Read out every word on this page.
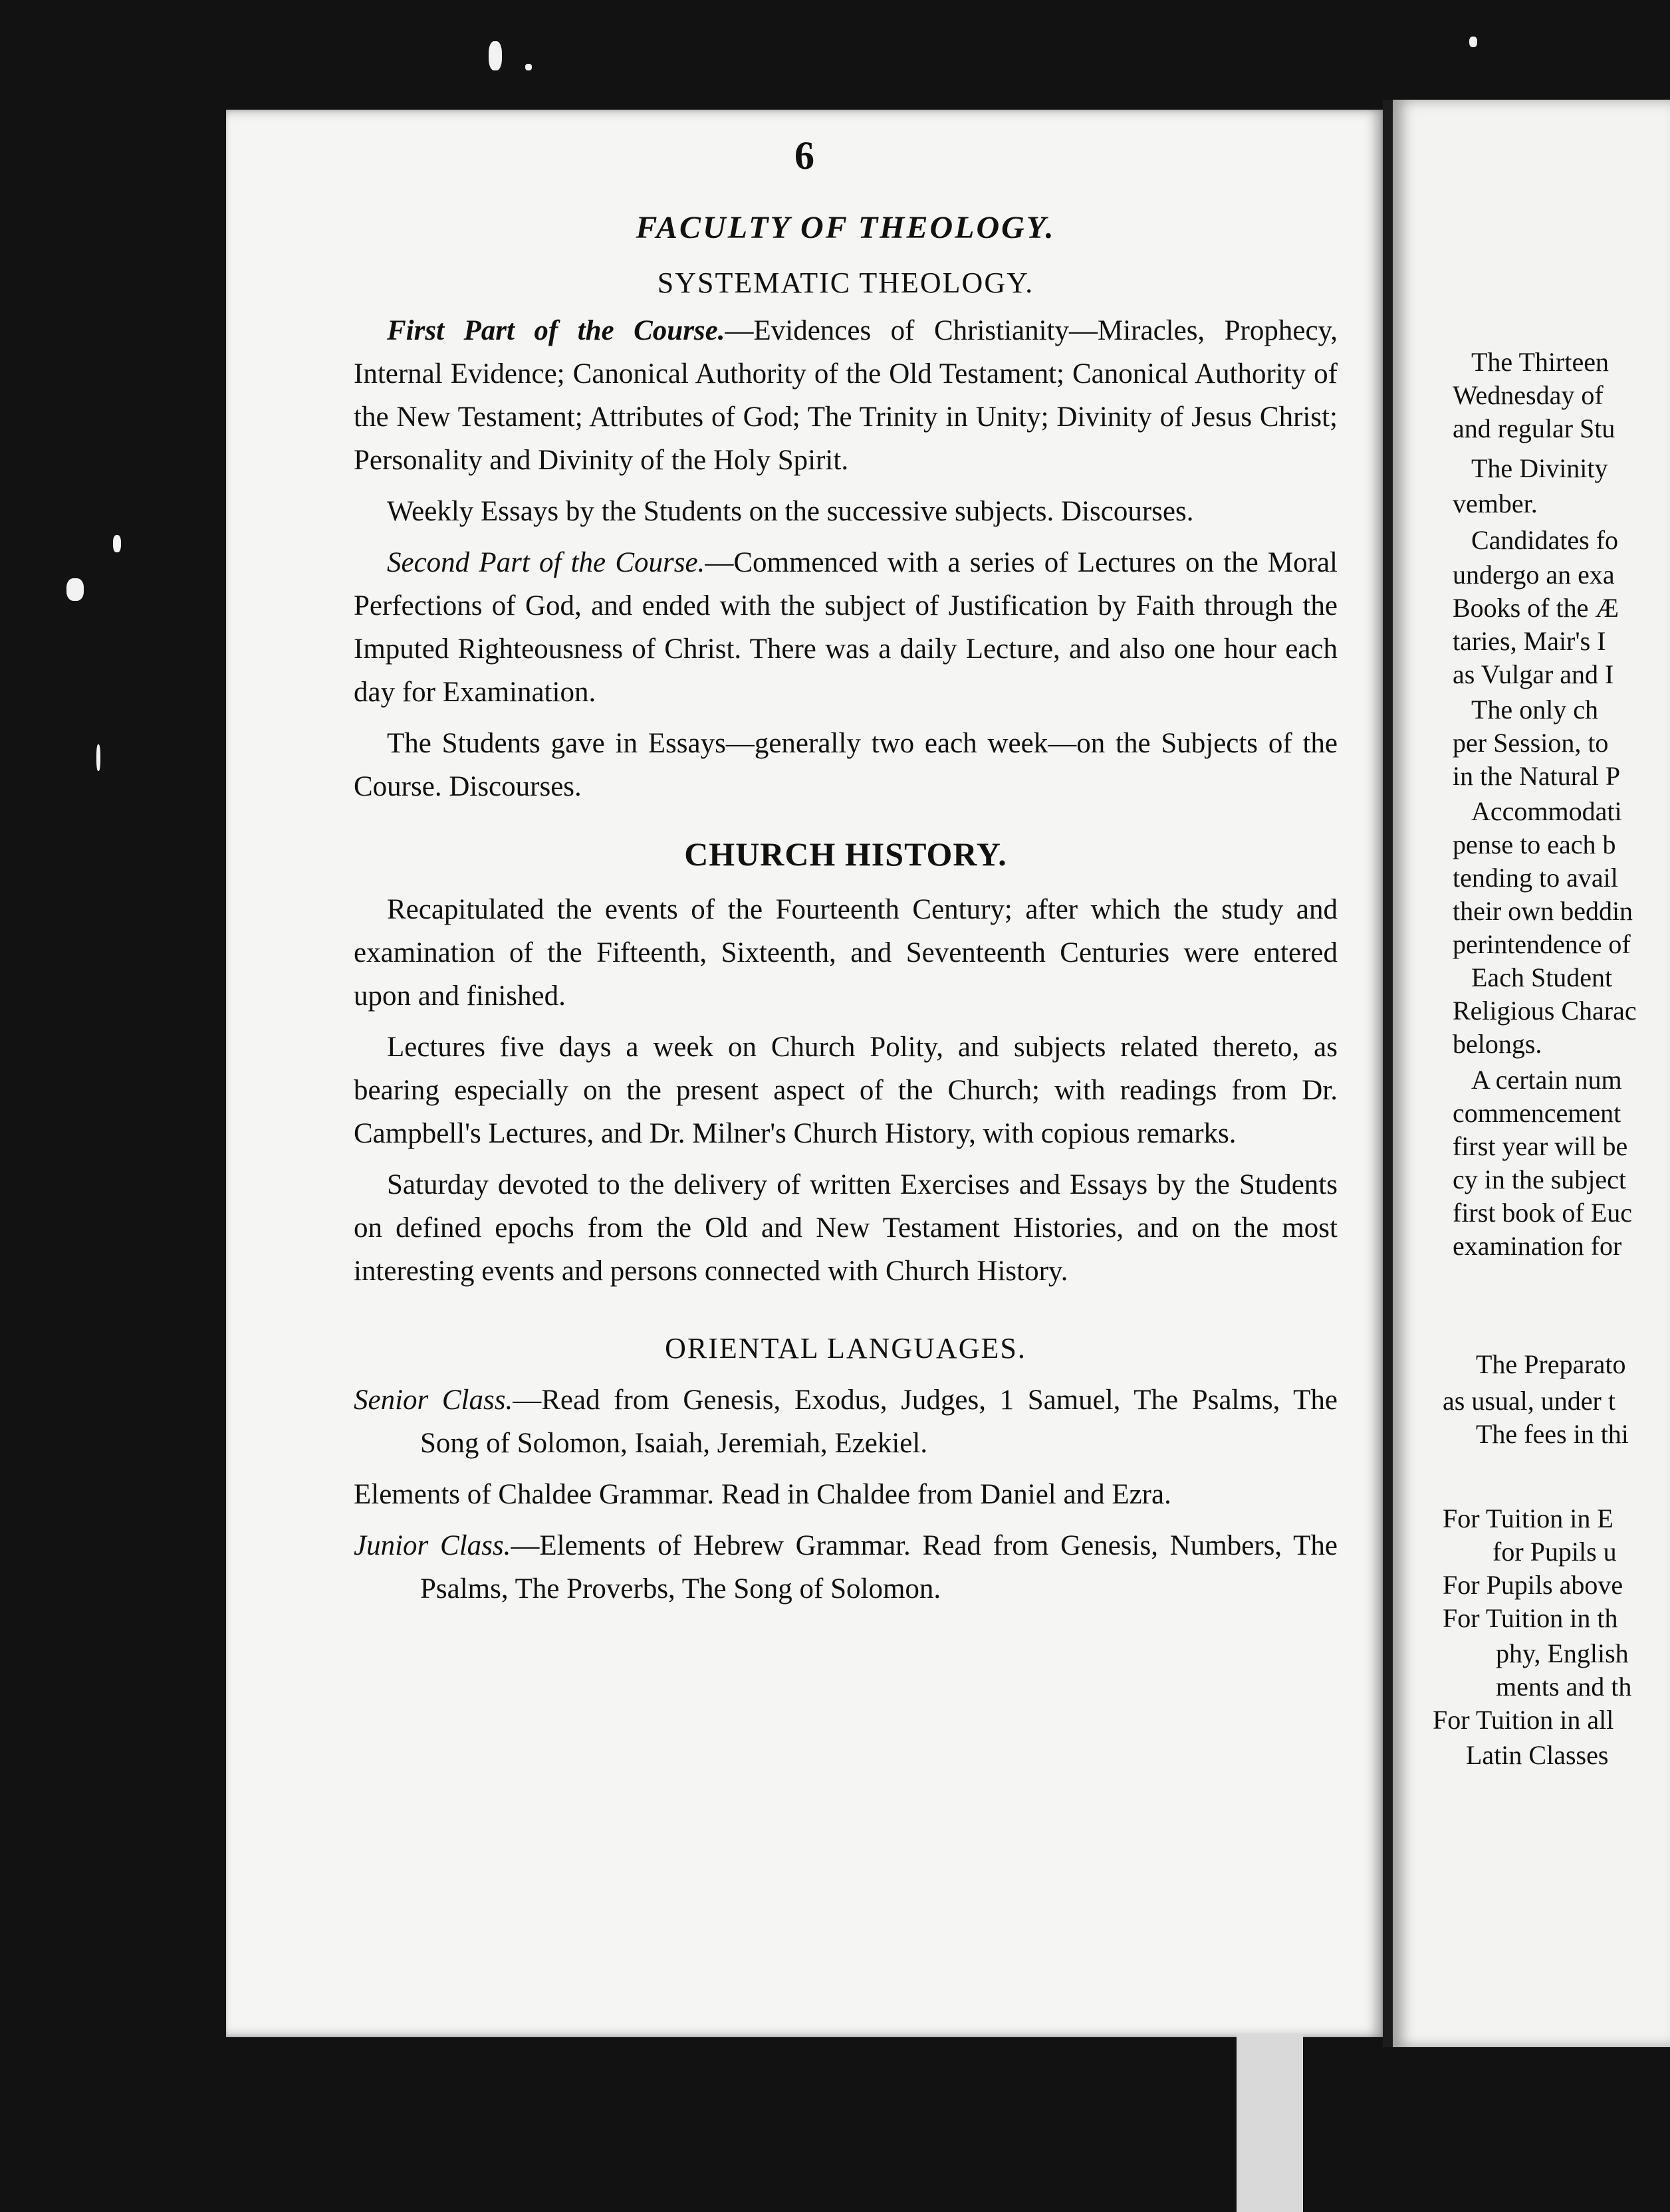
6
FACULTY OF THEOLOGY.
SYSTEMATIC THEOLOGY.

First Part of the Course.—Evidences of Christianity—Miracles, Prophecy, Internal Evidence; Canonical Authority of the Old Testament; Canonical Authority of the New Testament; Attributes of God; The Trinity in Unity; Divinity of Jesus Christ; Personality and Divinity of the Holy Spirit.

Weekly Essays by the Students on the successive subjects. Discourses.

Second Part of the Course.—Commenced with a series of Lectures on the Moral Perfections of God, and ended with the subject of Justification by Faith through the Imputed Righteousness of Christ. There was a daily Lecture, and also one hour each day for Examination.

The Students gave in Essays—generally two each week—on the Subjects of the Course. Discourses.

CHURCH HISTORY.

Recapitulated the events of the Fourteenth Century; after which the study and examination of the Fifteenth, Sixteenth, and Seventeenth Centuries were entered upon and finished.

Lectures five days a week on Church Polity, and subjects related thereto, as bearing especially on the present aspect of the Church; with readings from Dr. Campbell's Lectures, and Dr. Milner's Church History, with copious remarks.

Saturday devoted to the delivery of written Exercises and Essays by the Students on defined epochs from the Old and New Testament Histories, and on the most interesting events and persons connected with Church History.

ORIENTAL LANGUAGES.

Senior Class.—Read from Genesis, Exodus, Judges, 1 Samuel, The Psalms, The Song of Solomon, Isaiah, Jeremiah, Ezekiel.

Elements of Chaldee Grammar. Read in Chaldee from Daniel and Ezra.

Junior Class.—Elements of Hebrew Grammar. Read from Genesis, Numbers, The Psalms, The Proverbs, The Song of Solomon.

The Thirteen
Wednesday of
and regular Stu
The Divinity
vember.
Candidates fo
undergo an exa
Books of the Æ
taries, Mair's I
as Vulgar and I
The only ch
per Session, to
in the Natural P
Accommodati
pense to each b
tending to avail
their own beddin
perintendence of
Each Student
Religious Charac
belongs.
A certain num
commencement
first year will be
cy in the subject
first book of Euc
examination for
The Preparato
as usual, under t
The fees in thi
For Tuition in E
for Pupils u
For Pupils above
For Tuition in th
phy, English
ments and th
For Tuition in all
Latin Classes
